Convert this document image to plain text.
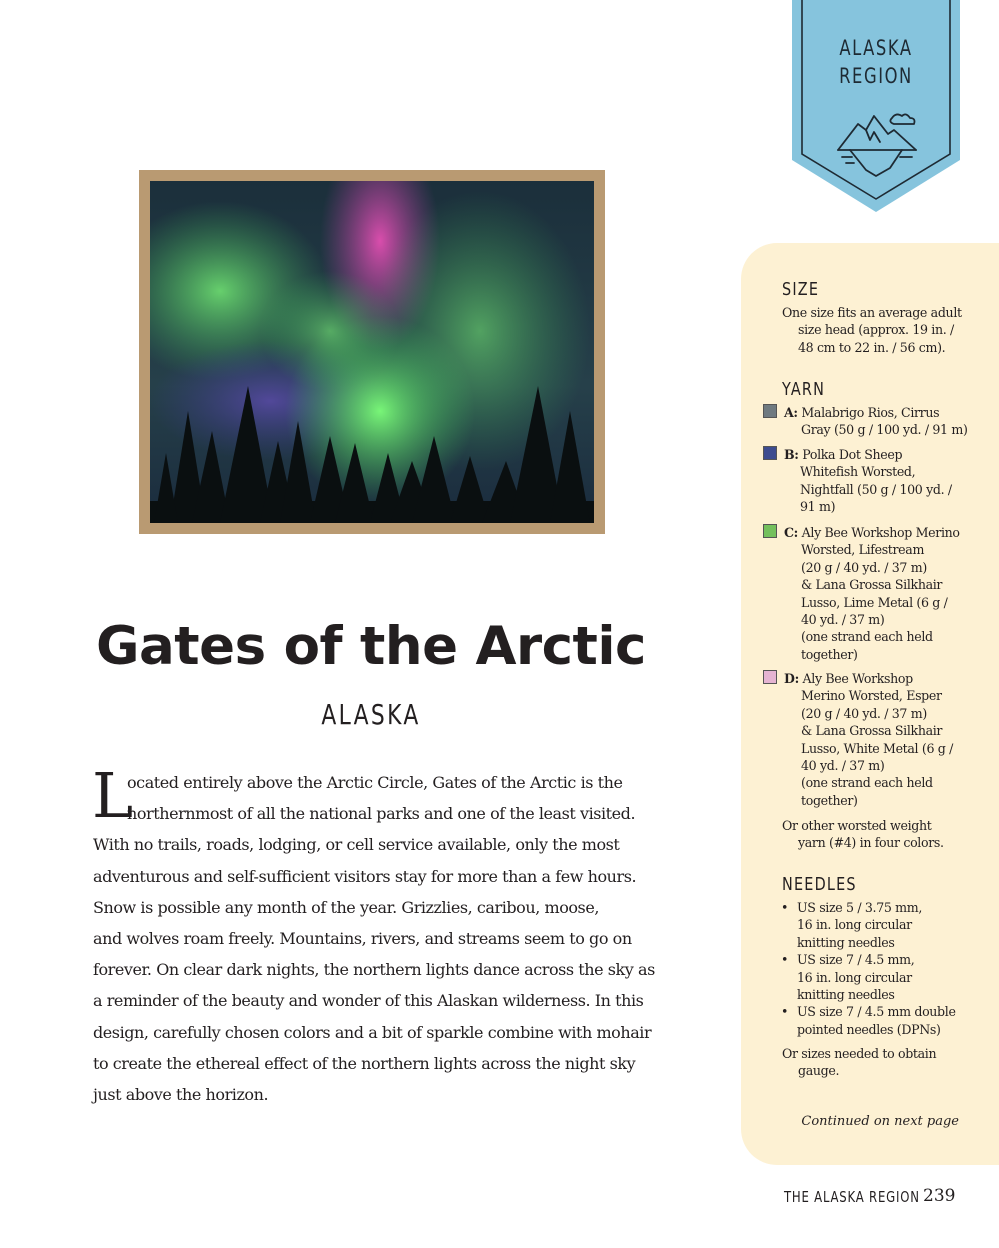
ALASKA
REGION
Gates of the Arctic
ALASKA
L
ocated entirely above the Arctic Circle, Gates of the Arctic is the
northernmost of all the national parks and one of the least visited.
With no trails, roads, lodging, or cell service available, only the most
adventurous and self-sufficient visitors stay for more than a few hours.
Snow is possible any month of the year. Grizzlies, caribou, moose,
and wolves roam freely. Mountains, rivers, and streams seem to go on
forever. On clear dark nights, the northern lights dance across the sky as
a reminder of the beauty and wonder of this Alaskan wilderness. In this
design, carefully chosen colors and a bit of sparkle combine with mohair
to create the ethereal effect of the northern lights across the night sky
just above the horizon.
SIZE
One size fits an average adult
size head (approx. 19 in. /
48 cm to 22 in. / 56 cm).
YARN
A: Malabrigo Rios, Cirrus
Gray (50 g / 100 yd. / 91 m)
B: Polka Dot Sheep
Whitefish Worsted,
Nightfall (50 g / 100 yd. /
91 m)
C: Aly Bee Workshop Merino
Worsted, Lifestream
(20 g / 40 yd. / 37 m)
& Lana Grossa Silkhair
Lusso, Lime Metal (6 g /
40 yd. / 37 m)
(one strand each held
together)
D: Aly Bee Workshop
Merino Worsted, Esper
(20 g / 40 yd. / 37 m)
& Lana Grossa Silkhair
Lusso, White Metal (6 g /
40 yd. / 37 m)
(one strand each held
together)
Or other worsted weight
yarn (#4) in four colors.
NEEDLES
• US size 5 / 3.75 mm,
16 in. long circular
knitting needles
• US size 7 / 4.5 mm,
16 in. long circular
knitting needles
• US size 7 / 4.5 mm double
pointed needles (DPNs)
Or sizes needed to obtain
gauge.
Continued on next page
THE ALASKA REGION 239
